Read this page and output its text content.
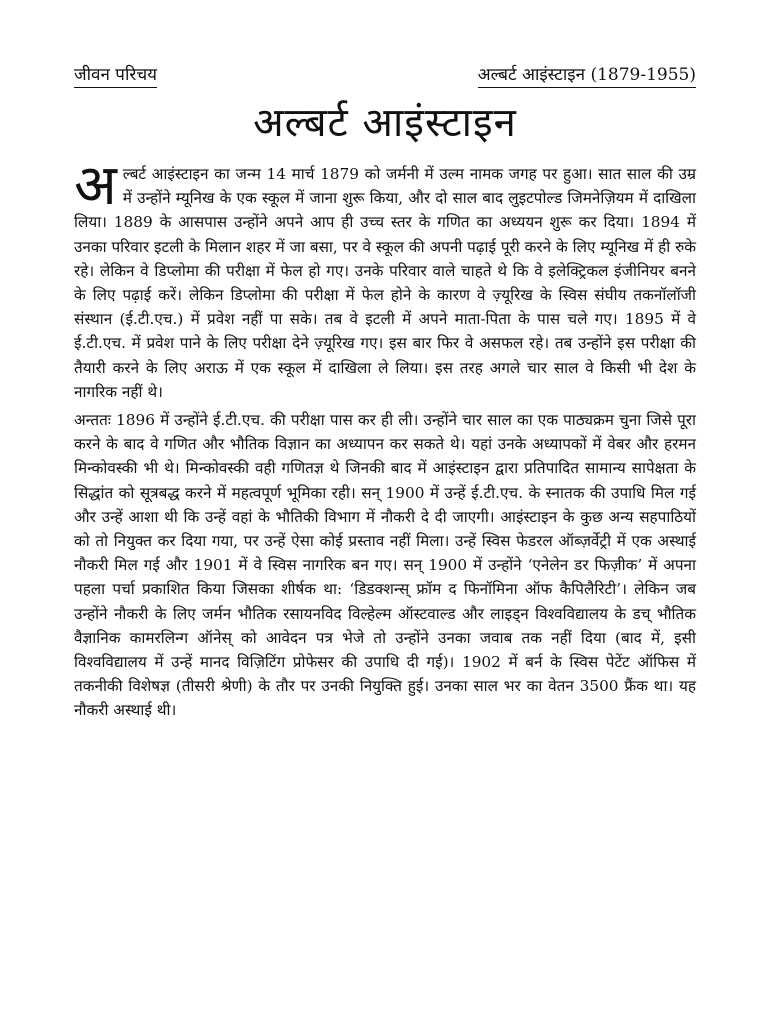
जीवन परिचय	अल्बर्ट आइंस्टाइन (1879-1955)
अल्बर्ट आइंस्टाइन

अल्बर्ट आइंस्टाइन का जन्म 14 मार्च 1879 को जर्मनी में उल्म नामक जगह पर हुआ। सात साल की उम्र में उन्होंने म्यूनिख के एक स्कूल में जाना शुरू किया, और दो साल बाद लुइटपोल्ड जिमनेज़ियम में दाखिला लिया। 1889 के आसपास उन्होंने अपने आप ही उच्च स्तर के गणित का अध्ययन शुरू कर दिया। 1894 में उनका परिवार इटली के मिलान शहर में जा बसा, पर वे स्कूल की अपनी पढ़ाई पूरी करने के लिए म्यूनिख में ही रुके रहे। लेकिन वे डिप्लोमा की परीक्षा में फेल हो गए। उनके परिवार वाले चाहते थे कि वे इलेक्ट्रिकल इंजीनियर बनने के लिए पढ़ाई करें। लेकिन डिप्लोमा की परीक्षा में फेल होने के कारण वे ज़्यूरिख के स्विस संघीय तकनॉलॉजी संस्थान (ई.टी.एच.) में प्रवेश नहीं पा सके। तब वे इटली में अपने माता-पिता के पास चले गए। 1895 में वे ई.टी.एच. में प्रवेश पाने के लिए परीक्षा देने ज़्यूरिख गए। इस बार फिर वे असफल रहे। तब उन्होंने इस परीक्षा की तैयारी करने के लिए अराऊ में एक स्कूल में दाखिला ले लिया। इस तरह अगले चार साल वे किसी भी देश के नागरिक नहीं थे।

अन्ततः 1896 में उन्होंने ई.टी.एच. की परीक्षा पास कर ही ली। उन्होंने चार साल का एक पाठ्यक्रम चुना जिसे पूरा करने के बाद वे गणित और भौतिक विज्ञान का अध्यापन कर सकते थे। यहां उनके अध्यापकों में वेबर और हरमन मिन्कोवस्की भी थे। मिन्कोवस्की वही गणितज्ञ थे जिनकी बाद में आइंस्टाइन द्वारा प्रतिपादित सामान्य सापेक्षता के सिद्धांत को सूत्रबद्ध करने में महत्वपूर्ण भूमिका रही। सन् 1900 में उन्हें ई.टी.एच. के स्नातक की उपाधि मिल गई और उन्हें आशा थी कि उन्हें वहां के भौतिकी विभाग में नौकरी दे दी जाएगी। आइंस्टाइन के कुछ अन्य सहपाठियों को तो नियुक्त कर दिया गया, पर उन्हें ऐसा कोई प्रस्ताव नहीं मिला। उन्हें स्विस फेडरल ऑब्ज़र्वेट्री में एक अस्थाई नौकरी मिल गई और 1901 में वे स्विस नागरिक बन गए। सन् 1900 में उन्होंने ‘एनेलेन डर फिज़ीक’ में अपना पहला पर्चा प्रकाशित किया जिसका शीर्षक था: ‘डिडक्शन्स् फ्रॉम द फिनॉमिना ऑफ कैपिलैरिटी’। लेकिन जब उन्होंने नौकरी के लिए जर्मन भौतिक रसायनविद विल्हेल्म ऑस्टवाल्ड और लाइड्न विश्वविद्यालय के डच् भौतिक वैज्ञानिक कामरलिन्ग ऑनेस् को आवेदन पत्र भेजे तो उन्होंने उनका जवाब तक नहीं दिया (बाद में, इसी विश्वविद्यालय में उन्हें मानद विज़िटिंग प्रोफेसर की उपाधि दी गई)। 1902 में बर्न के स्विस पेटेंट ऑफिस में तकनीकी विशेषज्ञ (तीसरी श्रेणी) के तौर पर उनकी नियुक्ति हुई। उनका साल भर का वेतन 3500 फ्रैंक था। यह नौकरी अस्थाई थी।
